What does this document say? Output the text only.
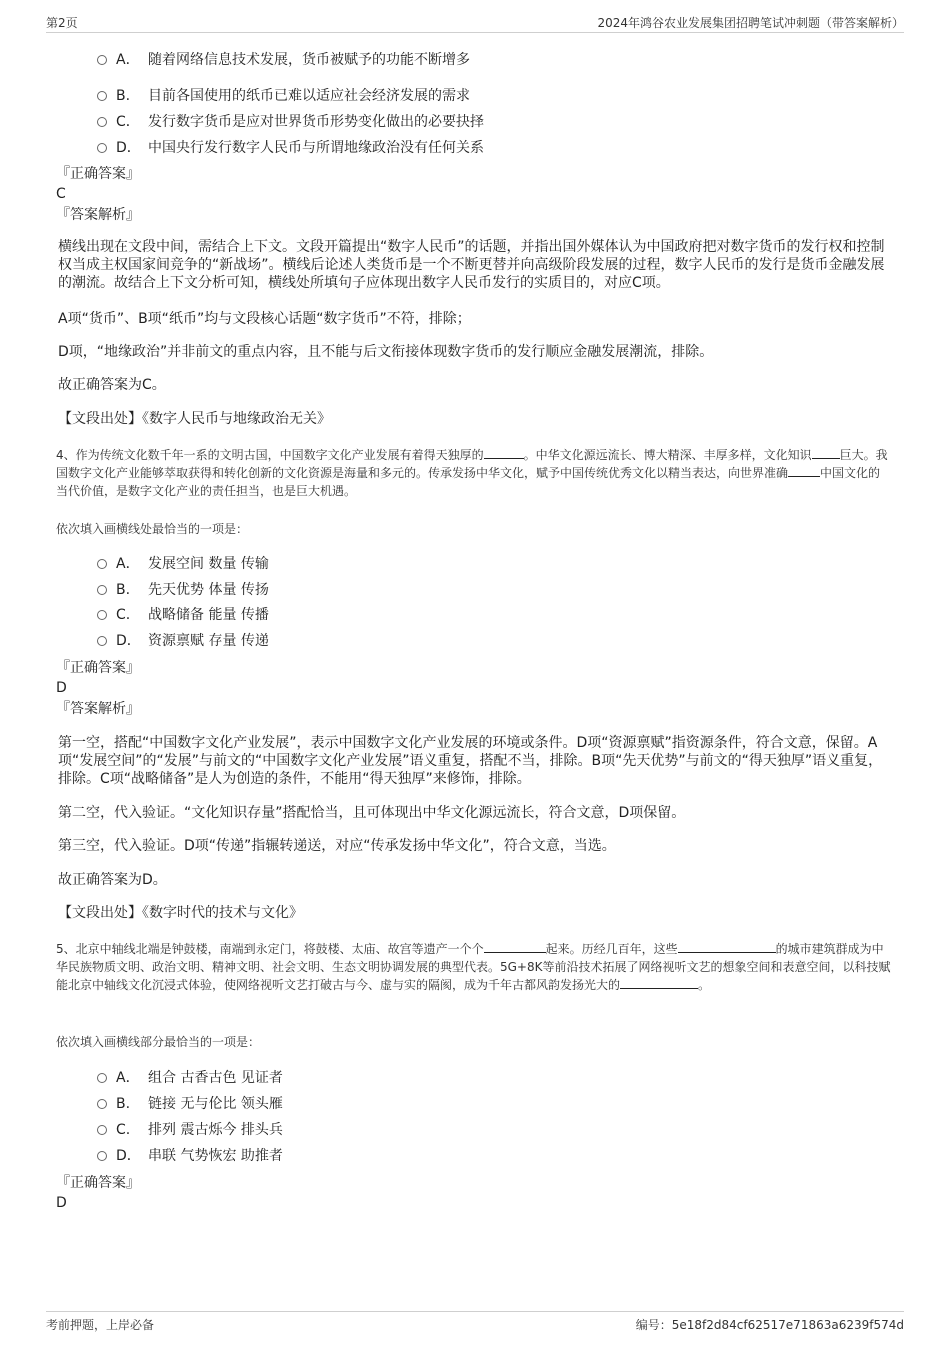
第2页	2024年鸿谷农业发展集团招聘笔试冲刺题（带答案解析）
A． 随着网络信息技术发展，货币被赋予的功能不断增多
B. 目前各国使用的纸币已难以适应社会经济发展的需求
C． 发行数字货币是应对世界货币形势变化做出的必要抉择
D． 中国央行发行数字人民币与所谓地缘政治没有任何关系
『正确答案』
C
『答案解析』

横线出现在文段中间，需结合上下文。文段开篇提出“数字人民币”的话题，并指出国外媒体认为中国政府把对数字货币的发行权和控制权当成主权国家间竞争的“新战场”。横线后论述人类货币是一个不断更替并向高级阶段发展的过程，数字人民币的发行是货币金融发展的潮流。故结合上下文分析可知，横线处所填句子应体现出数字人民币发行的实质目的，对应C项。

A项“货币”、B项“纸币”均与文段核心话题“数字货币”不符，排除；

D项，“地缘政治”并非前文的重点内容，且不能与后文衔接体现数字货币的发行顺应金融发展潮流，排除。

故正确答案为C。

【文段出处】《数字人民币与地缘政治无关》

4、作为传统文化数千年一系的文明古国，中国数字文化产业发展有着得天独厚的	。中华文化源远流长、博大精深、丰厚多样，文化知识 巨大。我国数字文化产业能够萃取获得和转化创新的文化资源是海量和多元的。传承发扬中华文化，赋予中国传统优秀文化以精当表达，向世界准确	中国文化的当代价值，是数字文化产业的责任担当，也是巨大机遇。

依次填入画横线处最恰当的一项是：
A． 发展空间 数量 传输
B. 先天优势 体量 传扬
C. 战略储备 能量 传播
D． 资源禀赋 存量 传递
『正确答案』
D
『答案解析』

第一空，搭配“中国数字文化产业发展”，表示中国数字文化产业发展的环境或条件。D项“资源禀赋”指资源条件，符合文意，保留。A项“发展空间”的“发展”与前文的“中国数字文化产业发展”语义重复，搭配不当，排除。B项“先天优势”与前文的“得天独厚”语义重复，排除。C项“战略储备”是人为创造的条件，不能用“得天独厚”来修饰，排除。

第二空，代入验证。“文化知识存量”搭配恰当，且可体现出中华文化源远流长，符合文意，D项保留。

第三空，代入验证。D项“传递”指辗转递送，对应“传承发扬中华文化”，符合文意，当选。

故正确答案为D。

【文段出处】《数字时代的技术与文化》

5、北京中轴线北端是钟鼓楼，南端到永定门，将鼓楼、太庙、故宫等遗产一个个	起来。历经几百年，这些	的城市建筑群成为中华民族物质文明、政治文明、精神文明、社会文明、生态文明协调发展的典型代表。5G+8K等前沿技术拓展了网络视听文艺的想象空间和表意空间，以科技赋能北京中轴线文化沉浸式体验，使网络视听文艺打破古与今、虚与实的隔阂，成为千年古都风韵发扬光大的	。

依次填入画横线部分最恰当的一项是：
A． 组合 古香古色 见证者
B. 链接 无与伦比 领头雁
C. 排列 震古烁今 排头兵
D． 串联 气势恢宏 助推者
『正确答案』
D
考前押题，上岸必备	编号：5e18f2d84cf62517e71863a6239f574d
